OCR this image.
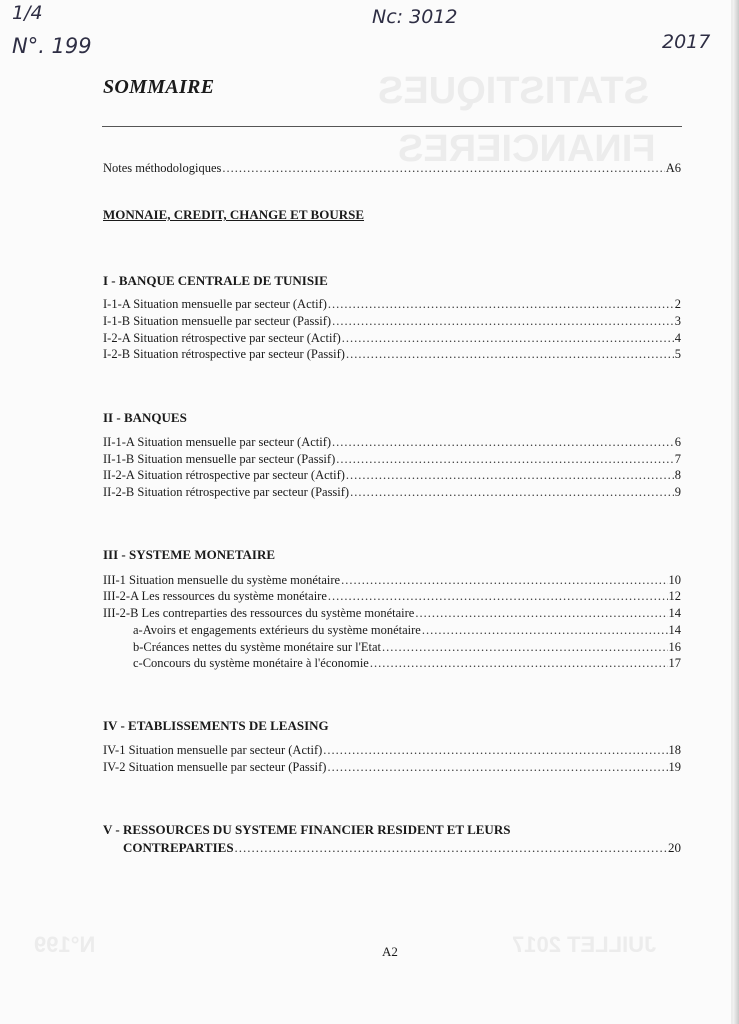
STATISTIQUES
FINANCIERES
JUILLET 2017
N°199
1/4
N°. 199
Nc: 3012
2017
SOMMAIRE
Notes méthodologiques .....	A6
MONNAIE, CREDIT, CHANGE ET BOURSE
I - BANQUE CENTRALE DE TUNISIE
I-1-A Situation mensuelle par secteur (Actif) .....	2
I-1-B Situation mensuelle par secteur (Passif) .....	3
I-2-A Situation rétrospective par secteur (Actif) .....	4
I-2-B Situation rétrospective par secteur (Passif) .....	5
II - BANQUES
II-1-A Situation mensuelle par secteur (Actif) .....	6
II-1-B Situation mensuelle par secteur (Passif) .....	7
II-2-A Situation rétrospective par secteur (Actif) .....	8
II-2-B Situation rétrospective par secteur (Passif) .....	9
III - SYSTEME MONETAIRE
III-1 Situation mensuelle du système monétaire .....	10
III-2-A Les ressources du système monétaire .....	12
III-2-B Les contreparties des ressources du système monétaire .....	14
a-Avoirs et engagements extérieurs du système monétaire .....	14
b-Créances nettes du système monétaire sur l'Etat .....	16
c-Concours du système monétaire à l'économie .....	17
IV - ETABLISSEMENTS DE LEASING
IV-1 Situation mensuelle par secteur (Actif) .....	18
IV-2 Situation mensuelle par secteur (Passif) .....	19
V - RESSOURCES DU SYSTEME FINANCIER RESIDENT ET LEURS
CONTREPARTIES .....	20
A2
